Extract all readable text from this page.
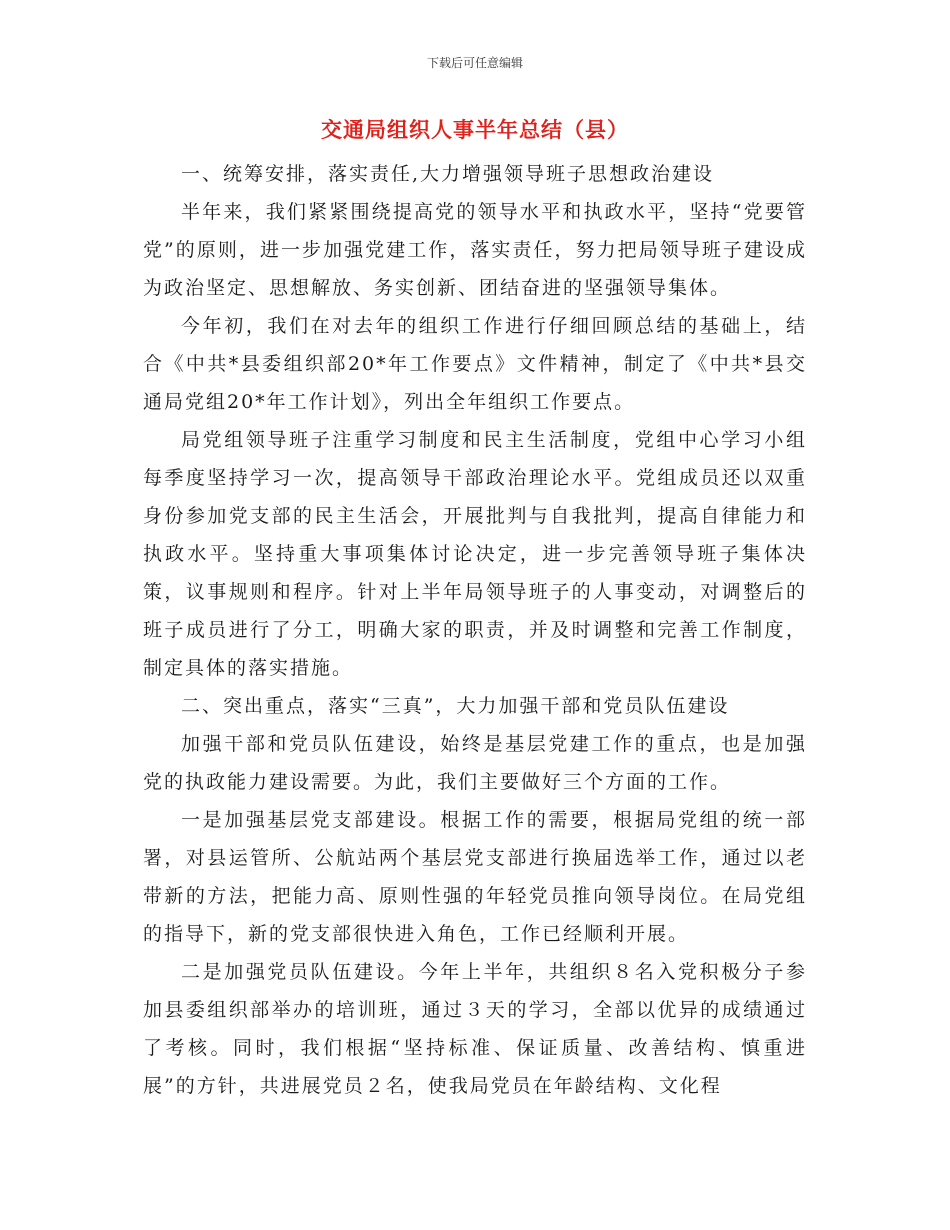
下载后可任意编辑
交通局组织人事半年总结（县）

一、统筹安排，落实责任,大力增强领导班子思想政治建设

半年来，我们紧紧围绕提高党的领导水平和执政水平，坚持“党要管党”的原则，进一步加强党建工作，落实责任，努力把局领导班子建设成为政治坚定、思想解放、务实创新、团结奋进的坚强领导集体。

今年初，我们在对去年的组织工作进行仔细回顾总结的基础上，结合《中共*县委组织部20*年工作要点》文件精神，制定了《中共*县交通局党组20*年工作计划》，列出全年组织工作要点。

局党组领导班子注重学习制度和民主生活制度，党组中心学习小组每季度坚持学习一次，提高领导干部政治理论水平。党组成员还以双重身份参加党支部的民主生活会，开展批判与自我批判，提高自律能力和执政水平。坚持重大事项集体讨论决定，进一步完善领导班子集体决策，议事规则和程序。针对上半年局领导班子的人事变动，对调整后的班子成员进行了分工，明确大家的职责，并及时调整和完善工作制度，制定具体的落实措施。

二、突出重点，落实“三真”，大力加强干部和党员队伍建设

加强干部和党员队伍建设，始终是基层党建工作的重点，也是加强党的执政能力建设需要。为此，我们主要做好三个方面的工作。

一是加强基层党支部建设。根据工作的需要，根据局党组的统一部署，对县运管所、公航站两个基层党支部进行换届选举工作，通过以老带新的方法，把能力高、原则性强的年轻党员推向领导岗位。在局党组的指导下，新的党支部很快进入角色，工作已经顺利开展。

二是加强党员队伍建设。今年上半年，共组织８名入党积极分子参加县委组织部举办的培训班，通过３天的学习，全部以优异的成绩通过了考核。同时，我们根据“坚持标准、保证质量、改善结构、慎重进展”的方针，共进展党员２名，使我局党员在年龄结构、文化程
